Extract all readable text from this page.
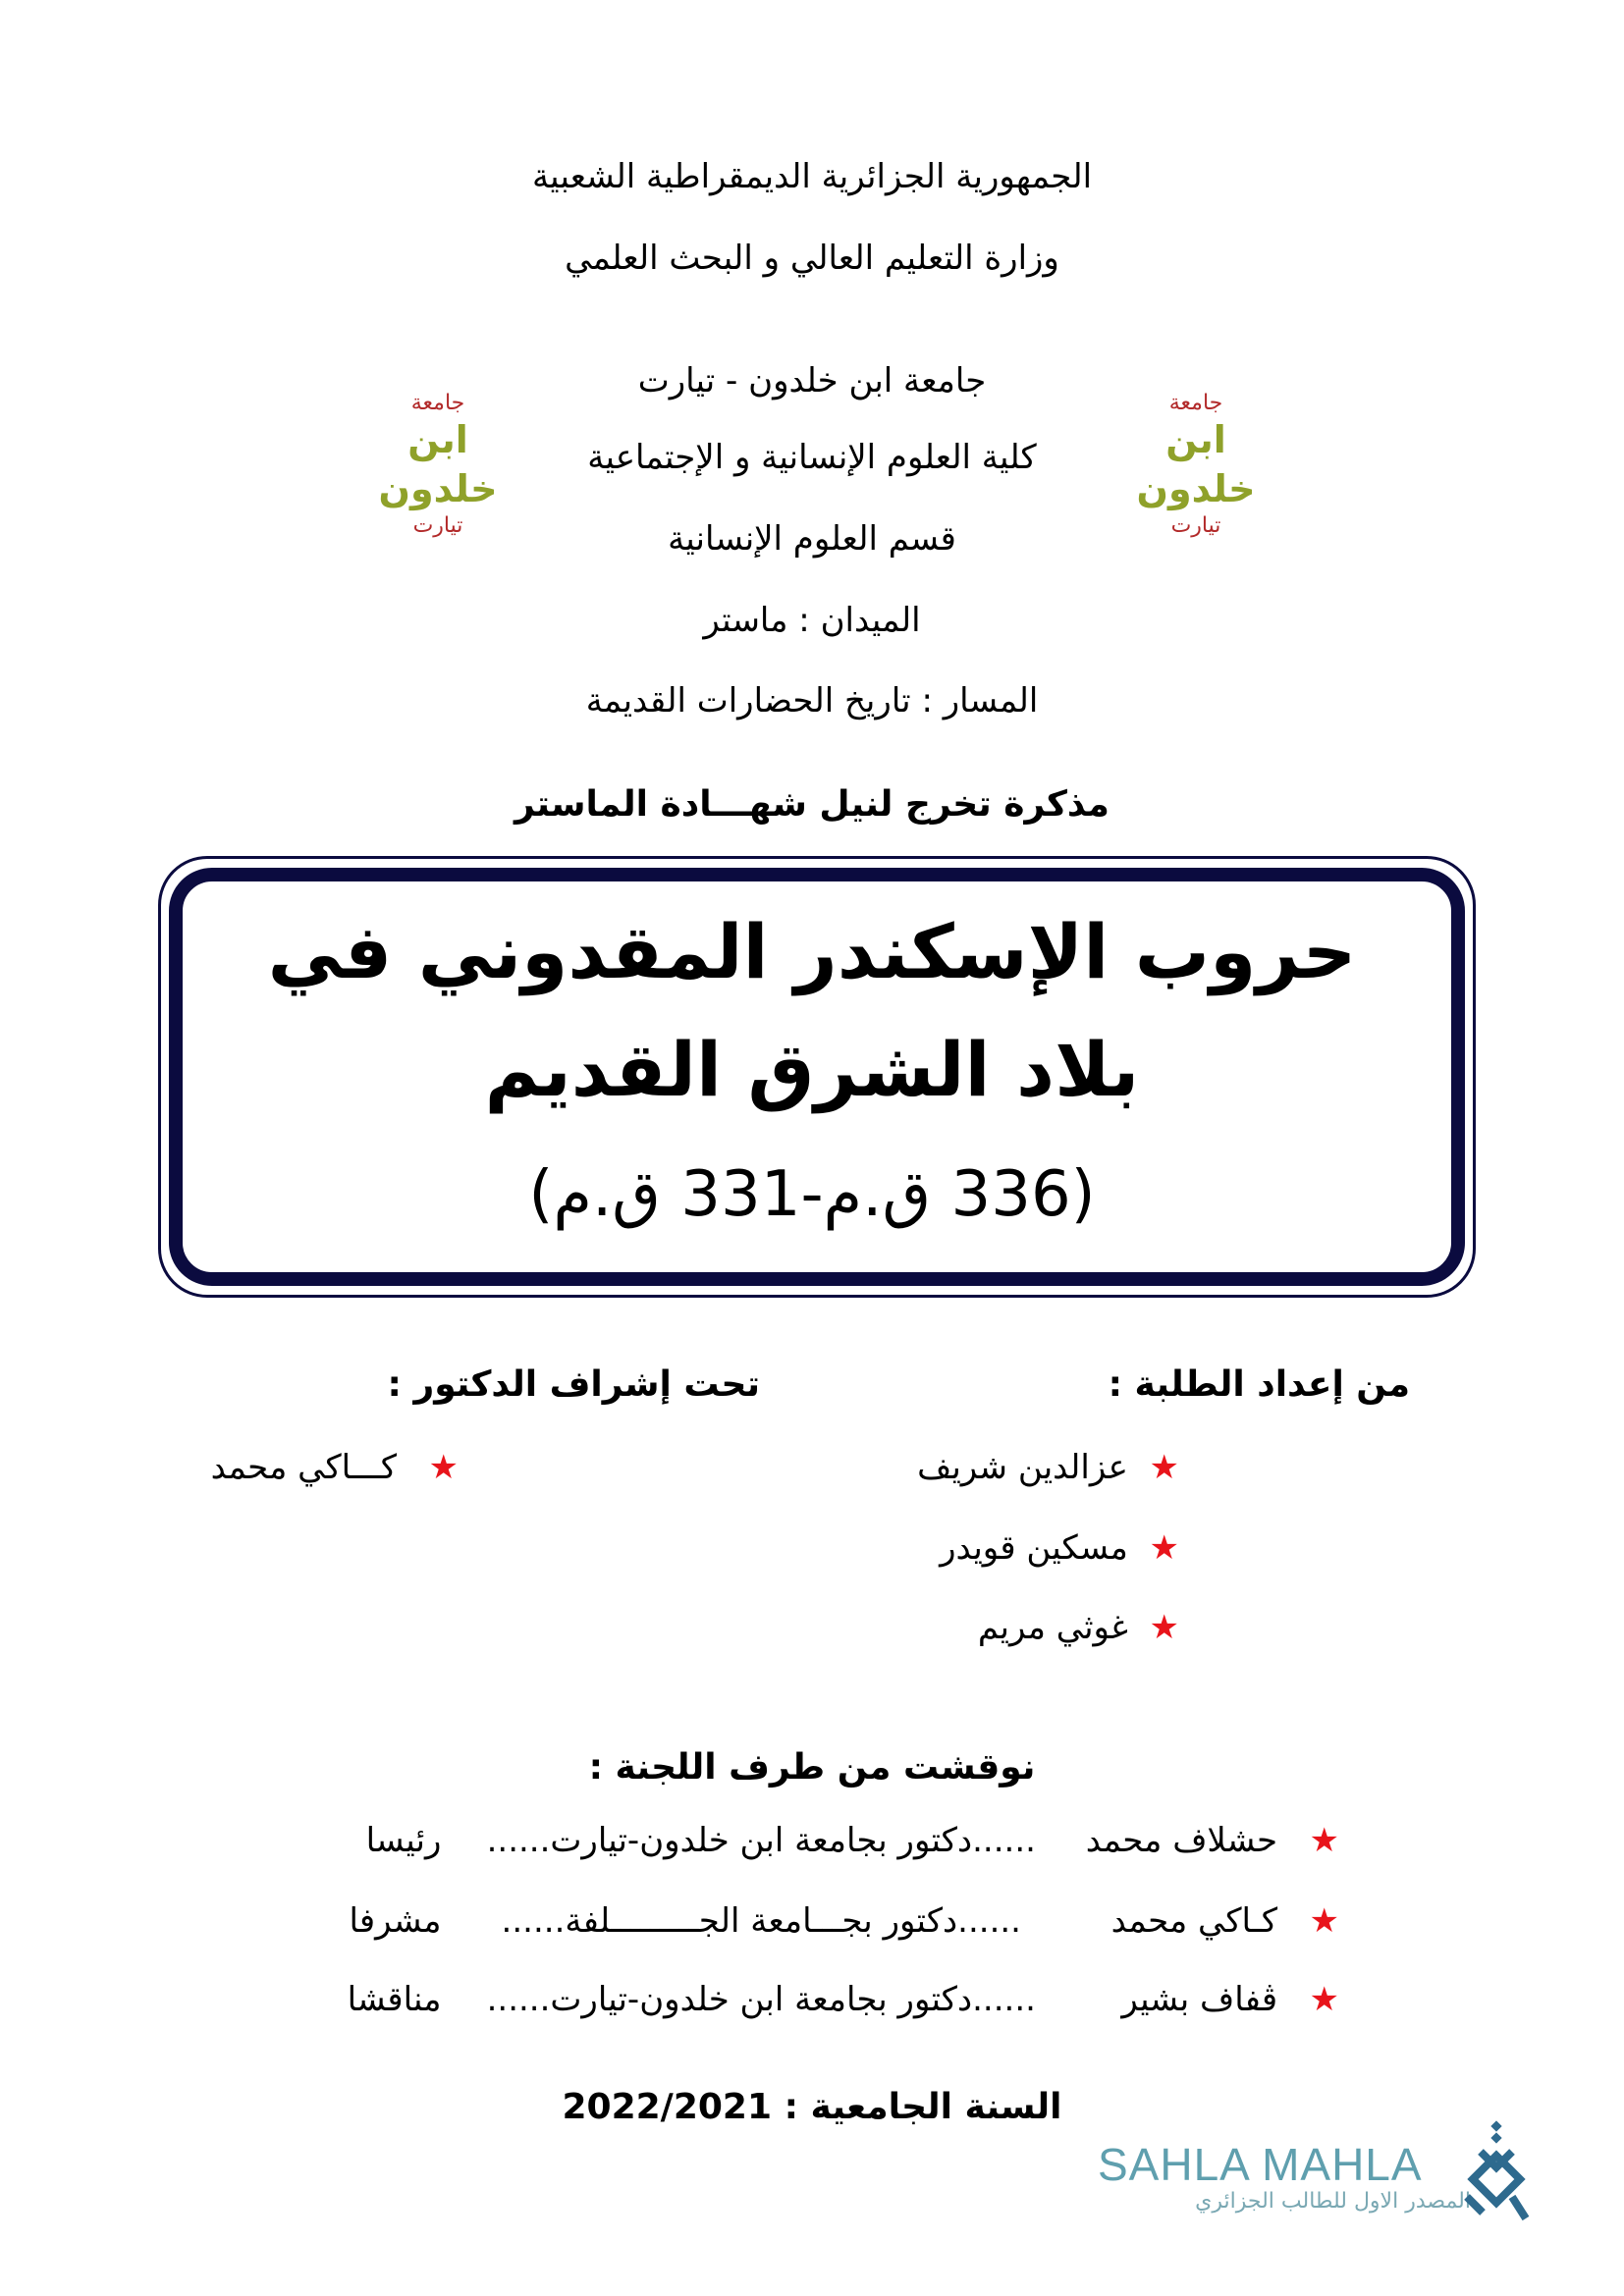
الجمهورية الجزائرية الديمقراطية الشعبية
وزارة التعليم العالي و البحث العلمي
جامعة ابن خلدون - تيارت
كلية العلوم الإنسانية و الإجتماعية
قسم العلوم الإنسانية
الميدان : ماستر
المسار : تاريخ الحضارات القديمة
جامعة
ابن خلدون
تيارت
جامعة
ابن خلدون
تيارت
مذكرة تخرج لنيل شهـــادة الماستر
حروب الإسكندر المقدوني في
بلاد الشرق القديم
(336 ق.م-331 ق.م)
من إعداد الطلبة :
تحت إشراف الدكتور :
★  عزالدين شريف
★  مسكين قويدر
★  غوثي مريم
★   كـــاكي محمد
نوقشت من طرف اللجنة :
★   حشلاف محمد ......دكتور بجامعة ابن خلدون-تيارت...... رئيسا
★   كـاكي محمد ......دكتور بجـــامعة الجـــــــــلفة...... مشرفا
★   ڤفاف بشير ......دكتور بجامعة ابن خلدون-تيارت...... مناقشا
السنة الجامعية : 2022/2021
SAHLA MAHLA
المصدر الاول للطالب الجزائري
